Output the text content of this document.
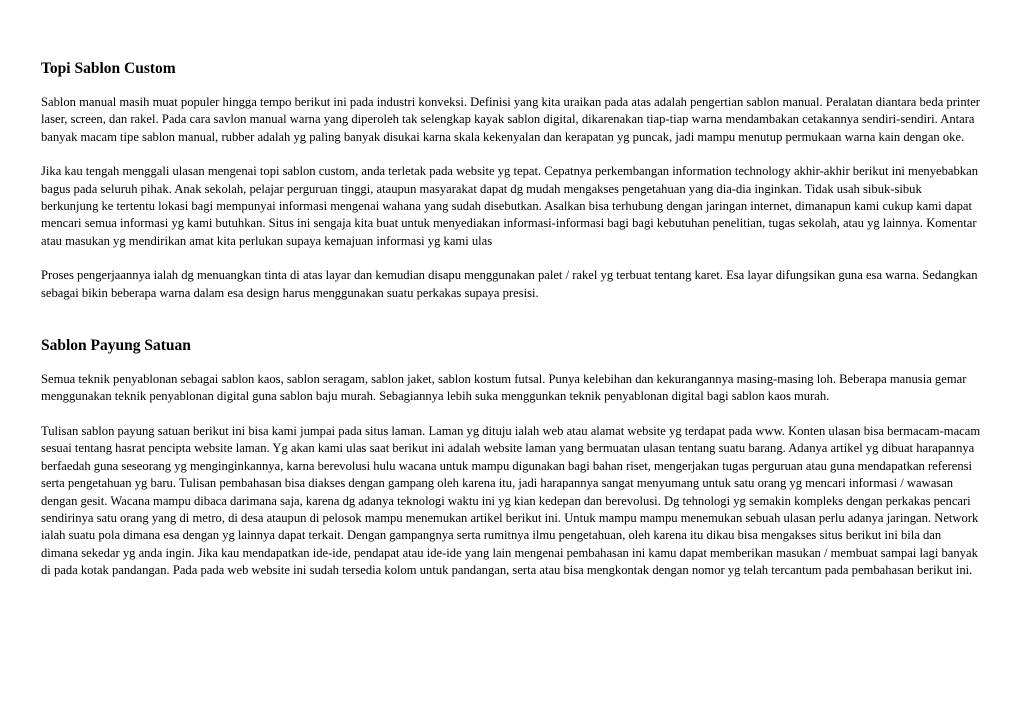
Topi Sablon Custom

Sablon manual masih muat populer hingga tempo berikut ini pada industri konveksi. Definisi yang kita uraikan pada atas adalah pengertian sablon manual. Peralatan diantara beda printer laser, screen, dan rakel. Pada cara savlon manual warna yang diperoleh tak selengkap kayak sablon digital, dikarenakan tiap-tiap warna mendambakan cetakannya sendiri-sendiri. Antara banyak macam tipe sablon manual, rubber adalah yg paling banyak disukai karna skala kekenyalan dan kerapatan yg puncak, jadi mampu menutup permukaan warna kain dengan oke.

Jika kau tengah menggali ulasan mengenai topi sablon custom, anda terletak pada website yg tepat. Cepatnya perkembangan information technology akhir-akhir berikut ini menyebabkan bagus pada seluruh pihak. Anak sekolah, pelajar perguruan tinggi, ataupun masyarakat dapat dg mudah mengakses pengetahuan yang dia-dia inginkan. Tidak usah sibuk-sibuk berkunjung ke tertentu lokasi bagi mempunyai informasi mengenai wahana yang sudah disebutkan. Asalkan bisa terhubung dengan jaringan internet, dimanapun kami cukup kami dapat mencari semua informasi yg kami butuhkan. Situs ini sengaja kita buat untuk menyediakan informasi-informasi bagi bagi kebutuhan penelitian, tugas sekolah, atau yg lainnya. Komentar atau masukan yg mendirikan amat kita perlukan supaya kemajuan informasi yg kami ulas

Proses pengerjaannya ialah dg menuangkan tinta di atas layar dan kemudian disapu menggunakan palet / rakel yg terbuat tentang karet. Esa layar difungsikan guna esa warna. Sedangkan sebagai bikin beberapa warna dalam esa design harus menggunakan suatu perkakas supaya presisi.

Sablon Payung Satuan

Semua teknik penyablonan sebagai sablon kaos, sablon seragam, sablon jaket, sablon kostum futsal. Punya kelebihan dan kekurangannya masing-masing loh. Beberapa manusia gemar menggunakan teknik penyablonan digital guna sablon baju murah. Sebagiannya lebih suka menggunkan teknik penyablonan digital bagi sablon kaos murah.

Tulisan sablon payung satuan berikut ini bisa kami jumpai pada situs laman. Laman yg dituju ialah web atau alamat website yg terdapat pada www. Konten ulasan bisa bermacam-macam sesuai tentang hasrat pencipta website laman. Yg akan kami ulas saat berikut ini adalah website laman yang bermuatan ulasan tentang suatu barang. Adanya artikel yg dibuat harapannya berfaedah guna seseorang yg menginginkannya, karna berevolusi hulu wacana untuk mampu digunakan bagi bahan riset, mengerjakan tugas perguruan atau guna mendapatkan referensi serta pengetahuan yg baru. Tulisan pembahasan bisa diakses dengan gampang oleh karena itu, jadi harapannya sangat menyumang untuk satu orang yg mencari informasi / wawasan dengan gesit. Wacana mampu dibaca darimana saja, karena dg adanya teknologi waktu ini yg kian kedepan dan berevolusi. Dg tehnologi yg semakin kompleks dengan perkakas pencari sendirinya satu orang yang di metro, di desa ataupun di pelosok mampu menemukan artikel berikut ini. Untuk mampu mampu menemukan sebuah ulasan perlu adanya jaringan. Network ialah suatu pola dimana esa dengan yg lainnya dapat terkait. Dengan gampangnya serta rumitnya ilmu pengetahuan, oleh karena itu dikau bisa mengakses situs berikut ini bila dan dimana sekedar yg anda ingin. Jika kau mendapatkan ide-ide, pendapat atau ide-ide yang lain mengenai pembahasan ini kamu dapat memberikan masukan / membuat sampai lagi banyak di pada kotak pandangan. Pada pada web website ini sudah tersedia kolom untuk pandangan, serta atau bisa mengkontak dengan nomor yg telah tercantum pada pembahasan berikut ini.
